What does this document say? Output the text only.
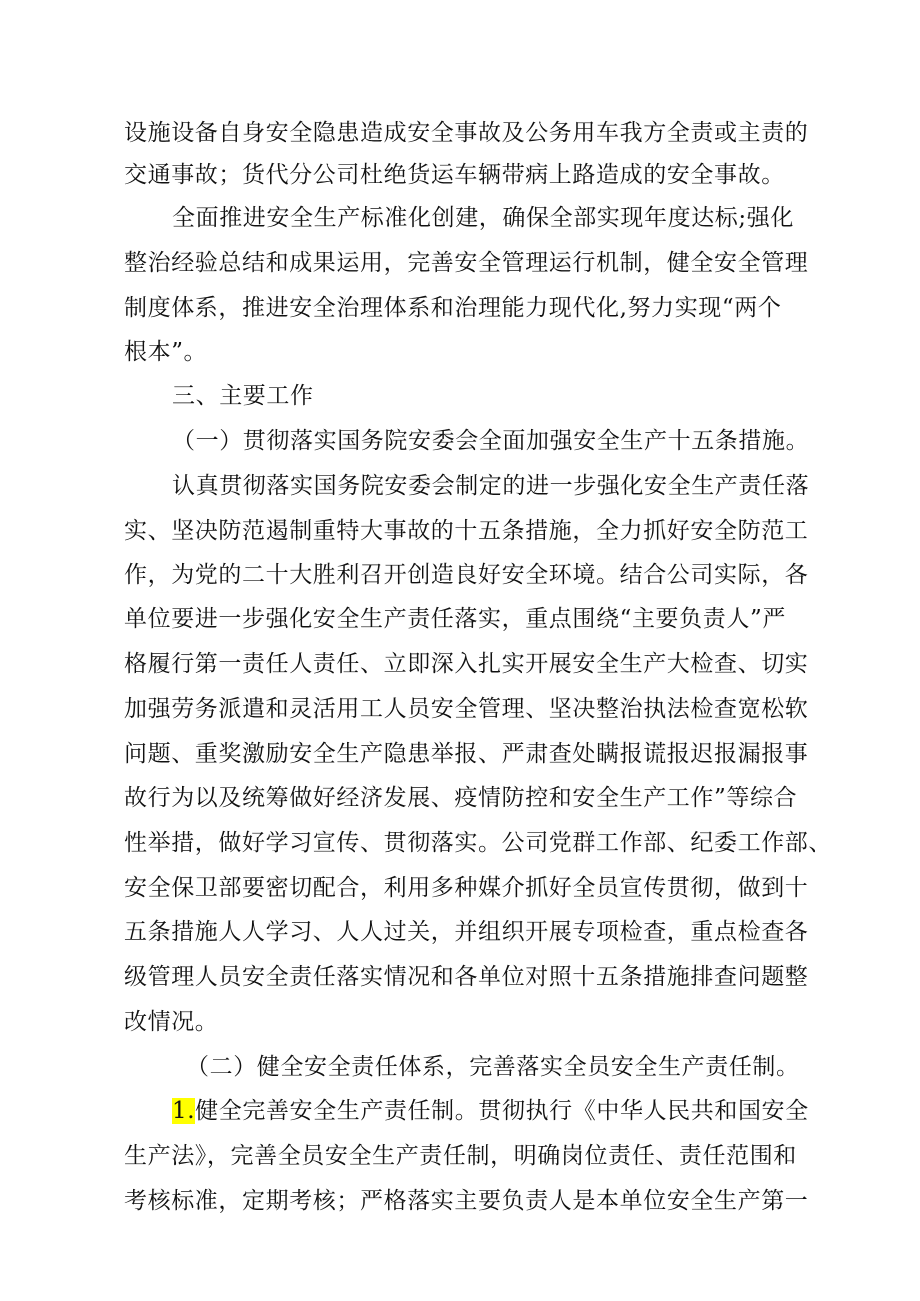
设施设备自身安全隐患造成安全事故及公务用车我方全责或主责的
交通事故；货代分公司杜绝货运车辆带病上路造成的安全事故。
全面推进安全生产标准化创建，确保全部实现年度达标;强化
整治经验总结和成果运用，完善安全管理运行机制，健全安全管理
制度体系，推进安全治理体系和治理能力现代化,努力实现“两个
根本”。
三、主要工作
（一）贯彻落实国务院安委会全面加强安全生产十五条措施。
认真贯彻落实国务院安委会制定的进一步强化安全生产责任落
实、坚决防范遏制重特大事故的十五条措施，全力抓好安全防范工
作，为党的二十大胜利召开创造良好安全环境。结合公司实际，各
单位要进一步强化安全生产责任落实，重点围绕“主要负责人”严
格履行第一责任人责任、立即深入扎实开展安全生产大检查、切实
加强劳务派遣和灵活用工人员安全管理、坚决整治执法检查宽松软
问题、重奖激励安全生产隐患举报、严肃查处瞒报谎报迟报漏报事
故行为以及统筹做好经济发展、疫情防控和安全生产工作”等综合
性举措，做好学习宣传、贯彻落实。公司党群工作部、纪委工作部、
安全保卫部要密切配合，利用多种媒介抓好全员宣传贯彻，做到十
五条措施人人学习、人人过关，并组织开展专项检查，重点检查各
级管理人员安全责任落实情况和各单位对照十五条措施排查问题整
改情况。
（二）健全安全责任体系，完善落实全员安全生产责任制。
1.健全完善安全生产责任制。贯彻执行《中华人民共和国安全
生产法》，完善全员安全生产责任制，明确岗位责任、责任范围和
考核标准，定期考核；严格落实主要负责人是本单位安全生产第一
